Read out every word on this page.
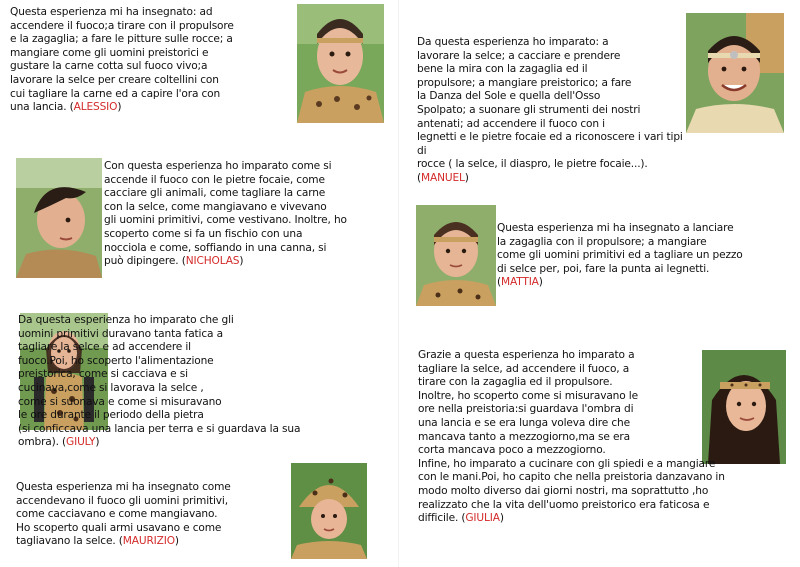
Questa esperienza mi ha insegnato: ad
accendere il fuoco;a tirare con il propulsore
e la zagaglia; a fare le pitture sulle rocce; a
mangiare come gli uomini preistorici e
gustare la carne cotta sul fuoco vivo;a
lavorare la selce per creare coltellini con
cui tagliare la carne ed a capire l'ora con
una lancia. (ALESSIO)
Con questa esperienza ho imparato come si
accende il fuoco con le pietre focaie, come
cacciare gli animali, come tagliare la carne
con la selce, come mangiavano e vivevano
gli uomini primitivi, come vestivano. Inoltre, ho
scoperto come si fa un fischio con una
nocciola e come, soffiando in una canna, si
può dipingere. (NICHOLAS)
Da questa esperienza ho imparato che gli
uomini primitivi duravano tanta fatica a
tagliare la selce e ad accendere il
fuoco.Poi, ho scoperto l'alimentazione
preistorica, come si cacciava e si
cucinava,come si lavorava la selce ,
come si suonava e come si misuravano
le ore durante il periodo della pietra
(si conficcava una lancia per terra e si guardava la sua
ombra). (GIULY)
Questa esperienza mi ha insegnato come
accendevano il fuoco gli uomini primitivi,
come cacciavano e come mangiavano.
Ho scoperto quali armi usavano e come
tagliavano la selce. (MAURIZIO)
Da questa esperienza ho imparato: a
lavorare la selce; a cacciare e prendere
bene la mira con la zagaglia ed il
propulsore; a mangiare preistorico; a fare
la Danza del Sole e quella dell'Osso
Spolpato; a suonare gli strumenti dei nostri
antenati; ad accendere il fuoco con i
legnetti e le pietre focaie ed a riconoscere i vari tipi di
rocce ( la selce, il diaspro, le pietre focaie...). (MANUEL)
Questa esperienza mi ha insegnato a lanciare
la zagaglia con il propulsore; a mangiare
come gli uomini primitivi ed a tagliare un pezzo
di selce per, poi, fare la punta ai legnetti.
(MATTIA)
Grazie a questa esperienza ho imparato a
tagliare la selce, ad accendere il fuoco, a
tirare con la zagaglia ed il propulsore.
Inoltre, ho scoperto come si misuravano le
ore nella preistoria:si guardava l'ombra di
una lancia e se era lunga voleva dire che
mancava tanto a mezzogiorno,ma se era
corta mancava poco a mezzogiorno.
Infine, ho imparato a cucinare con gli spiedi e a mangiare
con le mani.Poi, ho capito che nella preistoria danzavano in
modo molto diverso dai giorni nostri, ma soprattutto ,ho
realizzato che la vita dell'uomo preistorico era faticosa e
difficile. (GIULIA)
